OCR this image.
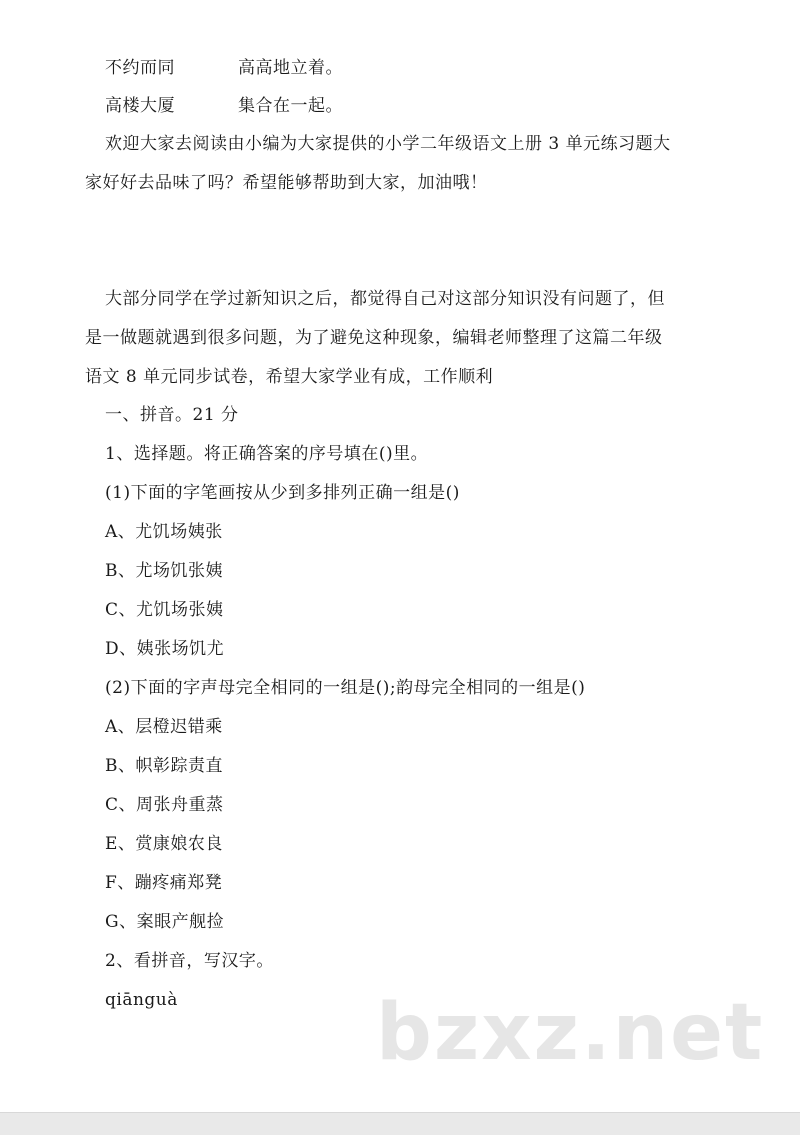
不约而同	高高地立着。
高楼大厦	集合在一起。
欢迎大家去阅读由小编为大家提供的小学二年级语文上册 3 单元练习题大
家好好去品味了吗？希望能够帮助到大家，加油哦！
大部分同学在学过新知识之后，都觉得自己对这部分知识没有问题了，但
是一做题就遇到很多问题，为了避免这种现象，编辑老师整理了这篇二年级
语文 8 单元同步试卷，希望大家学业有成，工作顺利
一、拼音。21 分
1、选择题。将正确答案的序号填在()里。
(1)下面的字笔画按从少到多排列正确一组是()
A、尤饥场姨张
B、尤场饥张姨
C、尤饥场张姨
D、姨张场饥尤
(2)下面的字声母完全相同的一组是();韵母完全相同的一组是()
A、层橙迟错乘
B、帜彰踪责直
C、周张舟重蒸
E、赏康娘农良
F、蹦疼痛郑凳
G、案眼产舰捡
2、看拼音，写汉字。
qiānguà	bzxz.net
